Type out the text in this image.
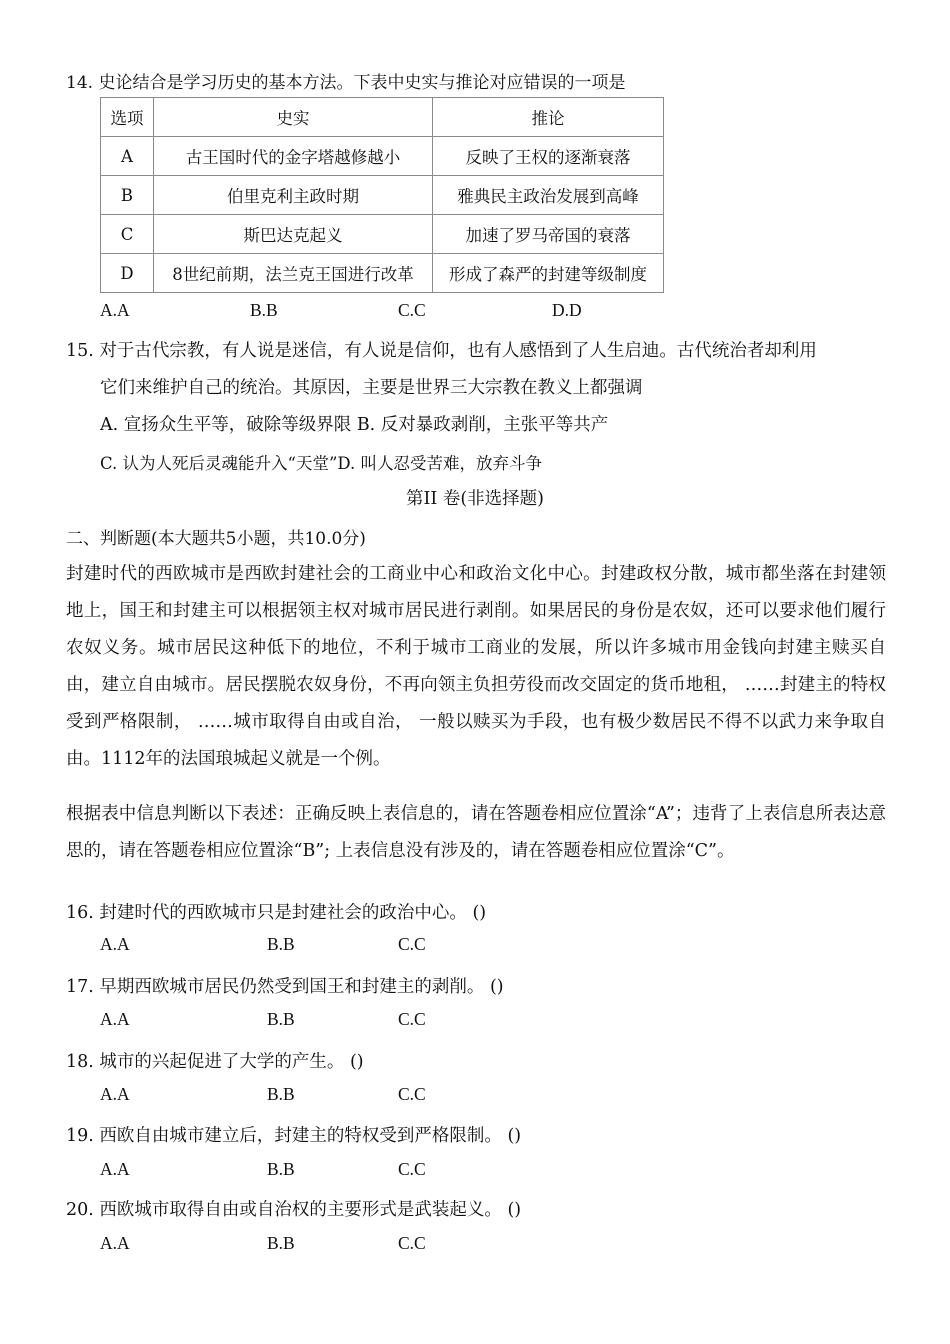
14. 史论结合是学习历史的基本方法。下表中史实与推论对应错误的一项是
选项	史实	推论
A	古王国时代的金字塔越修越小	反映了王权的逐渐衰落
B	伯里克利主政时期	雅典民主政治发展到高峰
C	斯巴达克起义	加速了罗马帝国的衰落
D	8世纪前期，法兰克王国进行改革	形成了森严的封建等级制度
A.A	B.B	C.C	D.D
15. 对于古代宗教，有人说是迷信，有人说是信仰，也有人感悟到了人生启迪。古代统治者却利用
它们来维护自己的统治。其原因，主要是世界三大宗教在教义上都强调
A. 宣扬众生平等，破除等级界限 B. 反对暴政剥削，主张平等共产
C. 认为人死后灵魂能升入“天堂”D. 叫人忍受苦难，放弃斗争
第II 卷(非选择题)
二、判断题(本大题共5小题，共10.0分)
封建时代的西欧城市是西欧封建社会的工商业中心和政治文化中心。封建政权分散，城市都坐落在封建领地上，国王和封建主可以根据领主权对城市居民进行剥削。如果居民的身份是农奴，还可以要求他们履行农奴义务。城市居民这种低下的地位，不利于城市工商业的发展，所以许多城市用金钱向封建主赎买自由，建立自由城市。居民摆脱农奴身份，不再向领主负担劳役而改交固定的货币地租， ……封建主的特权受到严格限制， ……城市取得自由或自治， 一般以赎买为手段，也有极少数居民不得不以武力来争取自由。1112年的法国琅城起义就是一个例。
根据表中信息判断以下表述：正确反映上表信息的，请在答题卷相应位置涂“A”；违背了上表信息所表达意思的，请在答题卷相应位置涂“B”; 上表信息没有涉及的，请在答题卷相应位置涂“C”。
16. 封建时代的西欧城市只是封建社会的政治中心。 ()
A.A	B.B	C.C
17. 早期西欧城市居民仍然受到国王和封建主的剥削。 ()
A.A	B.B	C.C
18. 城市的兴起促进了大学的产生。 ()
A.A	B.B	C.C
19. 西欧自由城市建立后，封建主的特权受到严格限制。 ()
A.A	B.B	C.C
20. 西欧城市取得自由或自治权的主要形式是武装起义。 ()
A.A	B.B	C.C
